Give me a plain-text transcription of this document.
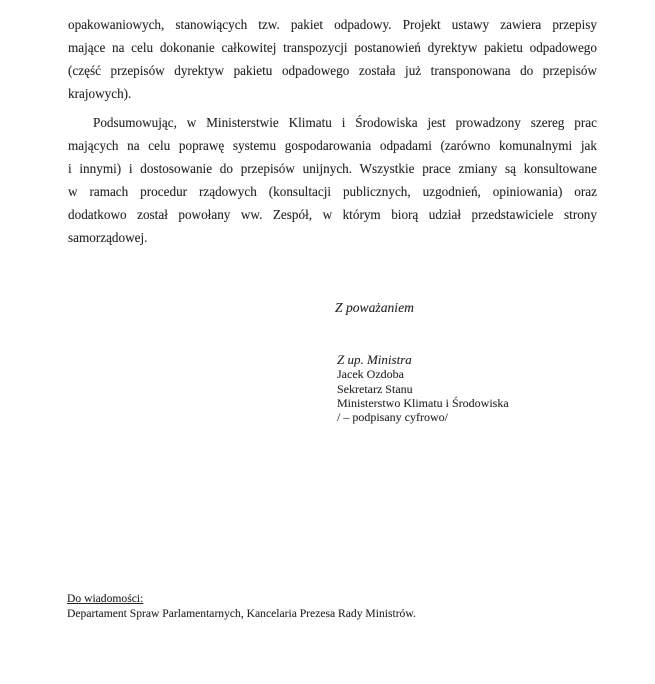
opakowaniowych, stanowiących tzw. pakiet odpadowy. Projekt ustawy zawiera przepisy
mające na celu dokonanie całkowitej transpozycji postanowień dyrektyw pakietu odpadowego
(część przepisów dyrektyw pakietu odpadowego została już transponowana do przepisów
krajowych).
Podsumowując, w Ministerstwie Klimatu i Środowiska jest prowadzony szereg prac
mających na celu poprawę systemu gospodarowania odpadami (zarówno komunalnymi jak
i innymi) i dostosowanie do przepisów unijnych. Wszystkie prace zmiany są konsultowane
w ramach procedur rządowych (konsultacji publicznych, uzgodnień, opiniowania) oraz
dodatkowo został powołany ww. Zespół, w którym biorą udział przedstawiciele strony
samorządowej.
Z poważaniem
Z up. Ministra
Jacek Ozdoba
Sekretarz Stanu
Ministerstwo Klimatu i Środowiska
/ – podpisany cyfrowo/
Do wiadomości:
Departament Spraw Parlamentarnych, Kancelaria Prezesa Rady Ministrów.
